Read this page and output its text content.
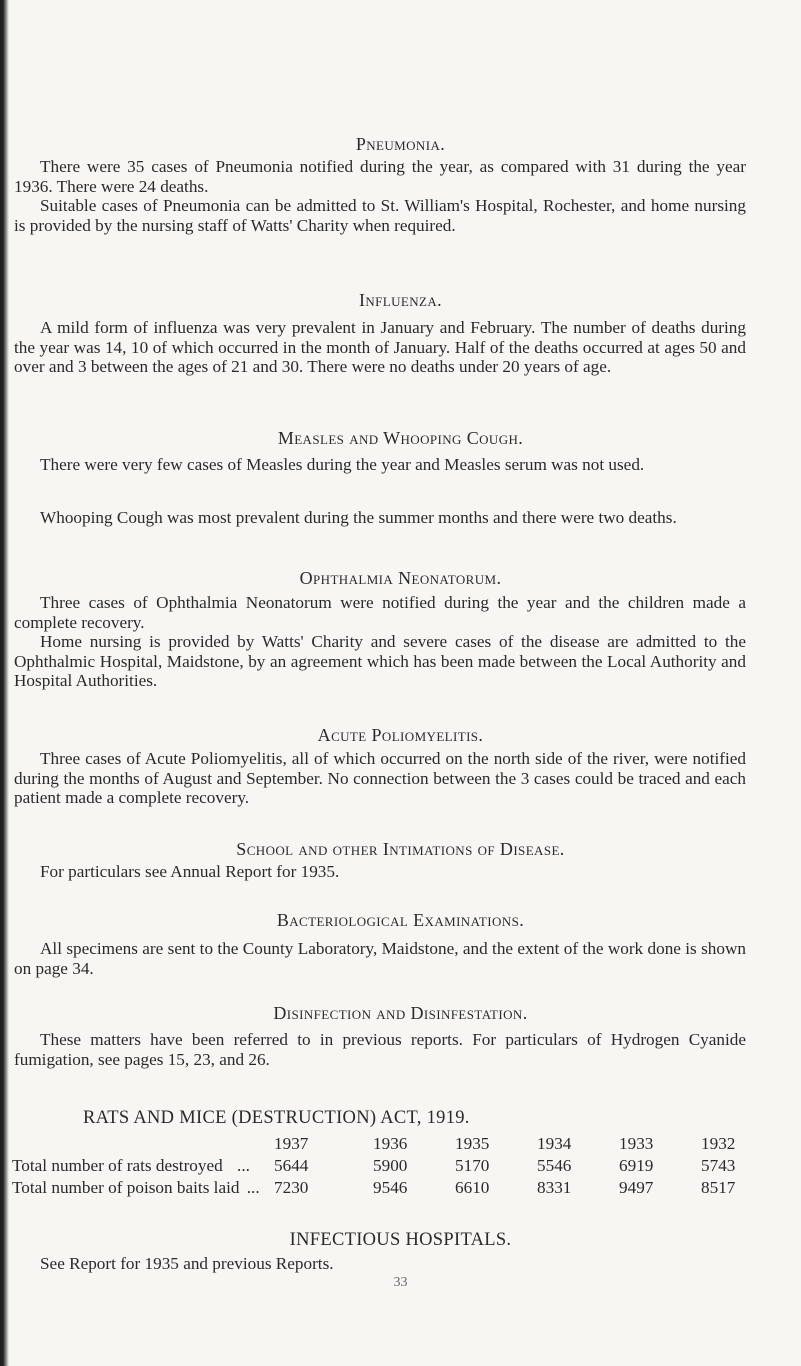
Pneumonia.

There were 35 cases of Pneumonia notified during the year, as compared with 31 during the year 1936. There were 24 deaths.

Suitable cases of Pneumonia can be admitted to St. William's Hospital, Rochester, and home nursing is provided by the nursing staff of Watts' Charity when required.

Influenza.

A mild form of influenza was very prevalent in January and February. The number of deaths during the year was 14, 10 of which occurred in the month of January. Half of the deaths occurred at ages 50 and over and 3 between the ages of 21 and 30. There were no deaths under 20 years of age.

Measles and Whooping Cough.

There were very few cases of Measles during the year and Measles serum was not used.

Whooping Cough was most prevalent during the summer months and there were two deaths.

Ophthalmia Neonatorum.

Three cases of Ophthalmia Neonatorum were notified during the year and the children made a complete recovery.

Home nursing is provided by Watts' Charity and severe cases of the disease are admitted to the Ophthalmic Hospital, Maidstone, by an agreement which has been made between the Local Authority and Hospital Authorities.

Acute Poliomyelitis.

Three cases of Acute Poliomyelitis, all of which occurred on the north side of the river, were notified during the months of August and September. No connection between the 3 cases could be traced and each patient made a complete recovery.

School and other Intimations of Disease.

For particulars see Annual Report for 1935.

Bacteriological Examinations.

All specimens are sent to the County Laboratory, Maidstone, and the extent of the work done is shown on page 34.

Disinfection and Disinfestation.

These matters have been referred to in previous reports. For particulars of Hydrogen Cyanide fumigation, see pages 15, 23, and 26.

RATS AND MICE (DESTRUCTION) ACT, 1919.
	1937	1936	1935	1934	1933	1932
Total number of rats destroyed ...	5644	5900	5170	5546	6919	5743
Total number of poison baits laid ...	7230	9546	6610	8331	9497	8517
INFECTIOUS HOSPITALS.

See Report for 1935 and previous Reports.

33
